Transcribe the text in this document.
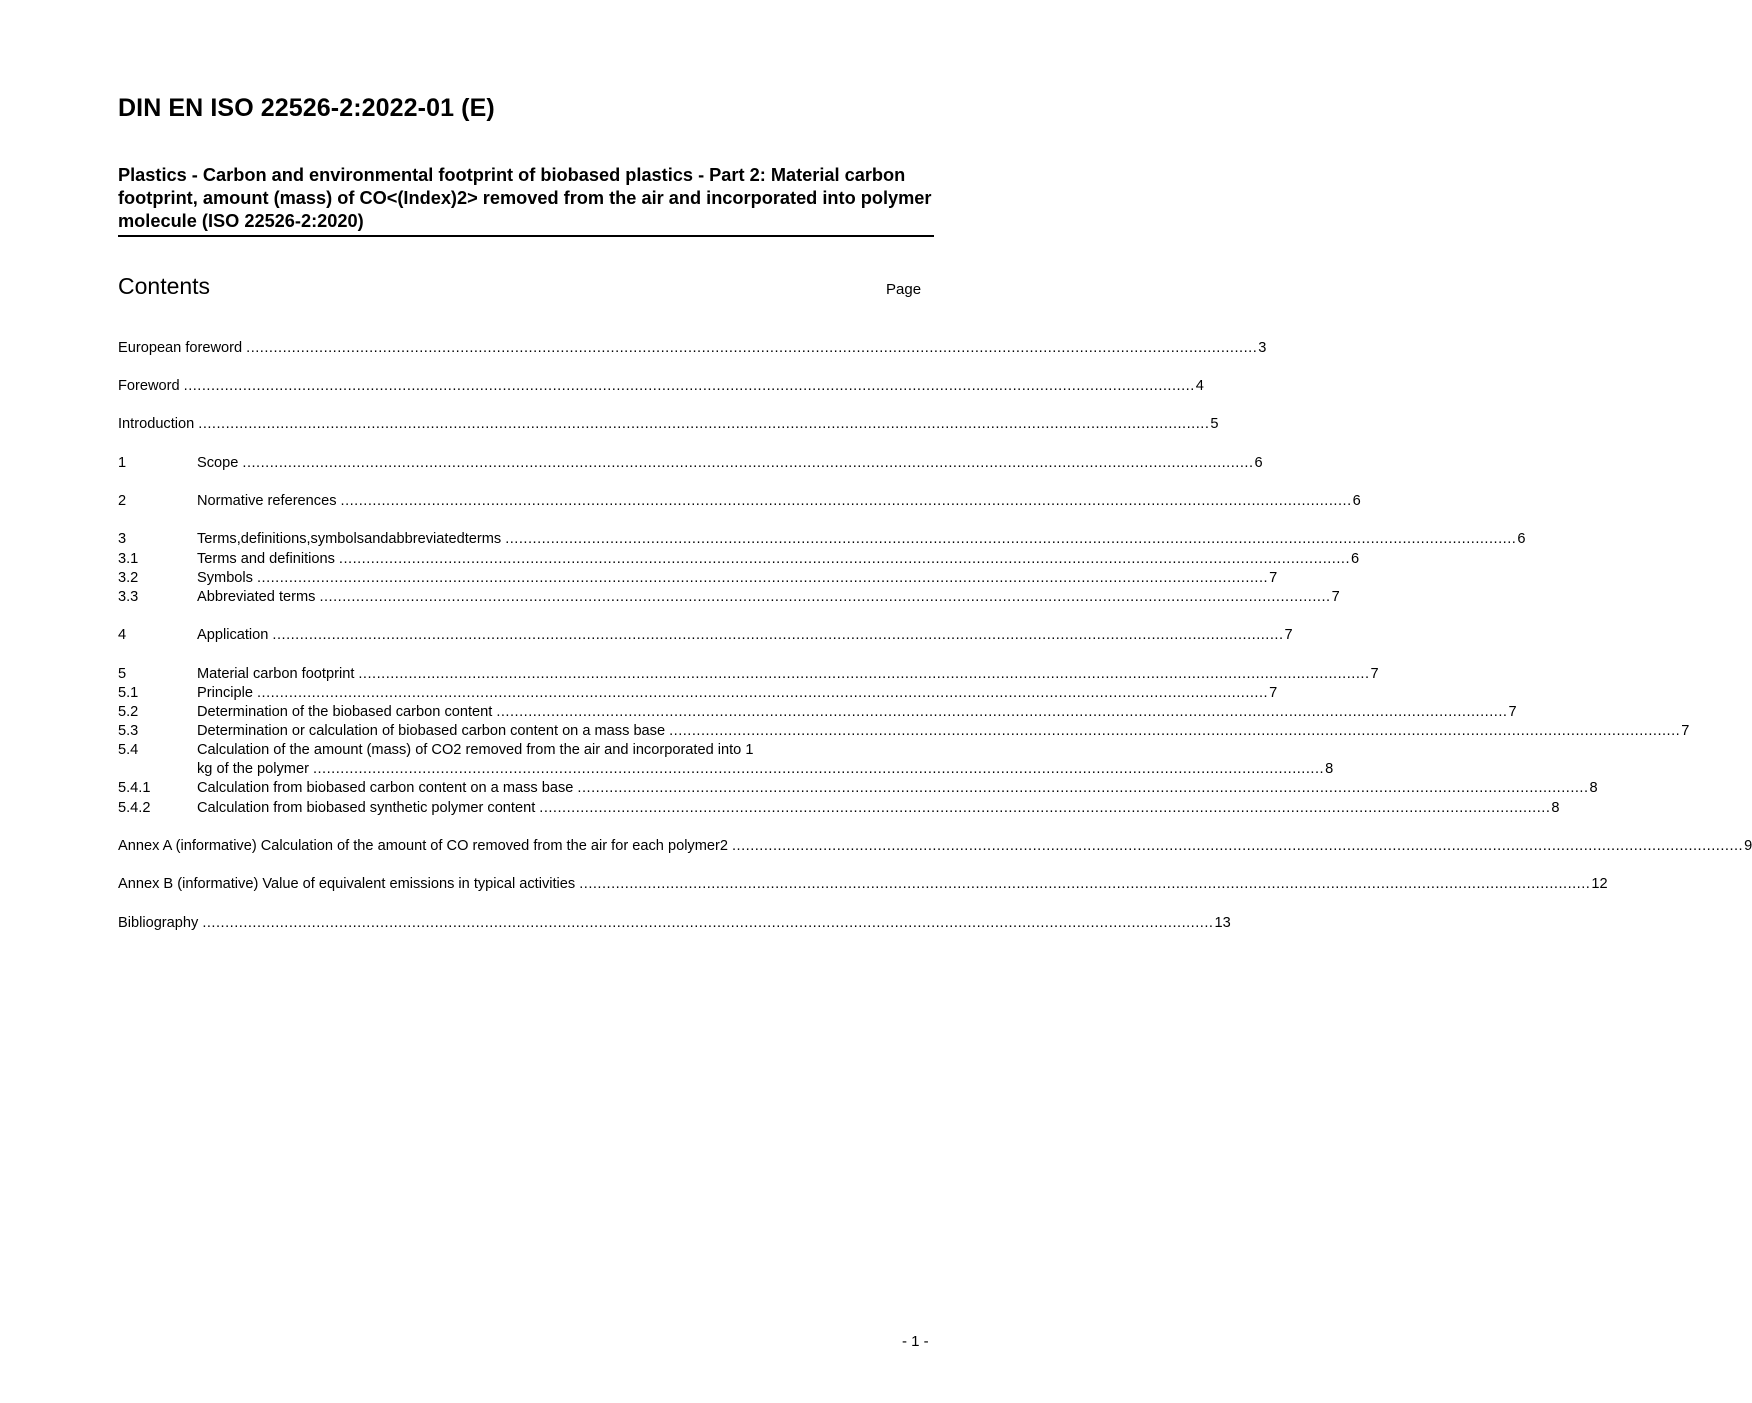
DIN EN ISO 22526-2:2022-01 (E)
Plastics - Carbon and environmental footprint of biobased plastics - Part 2: Material carbon footprint, amount (mass) of CO<(Index)2> removed from the air and incorporated into polymer molecule (ISO 22526-2:2020)
Contents	Page
European foreword .....	3
Foreword .....	4
Introduction .....	5
1	Scope .....	6
2	Normative references .....	6
3	Terms,definitions,symbolsandabbreviatedterms .....	6
3.1	Terms and definitions .....	6
3.2	Symbols .....	7
3.3	Abbreviated terms .....	7
4	Application .....	7
5	Material carbon footprint .....	7
5.1	Principle .....	7
5.2	Determination of the biobased carbon content .....	7
5.3	Determination or calculation of biobased carbon content on a mass base .....	7
5.4	Calculation of the amount (mass) of CO2 removed from the air and incorporated into 1
kg of the polymer .....	8
5.4.1	Calculation from biobased carbon content on a mass base .....	8
5.4.2	Calculation from biobased synthetic polymer content .....	8
Annex A (informative) Calculation of the amount of CO removed from the air for each polymer2 .....	9
Annex B (informative) Value of equivalent emissions in typical activities .....	12
Bibliography .....	13
- 1 -
